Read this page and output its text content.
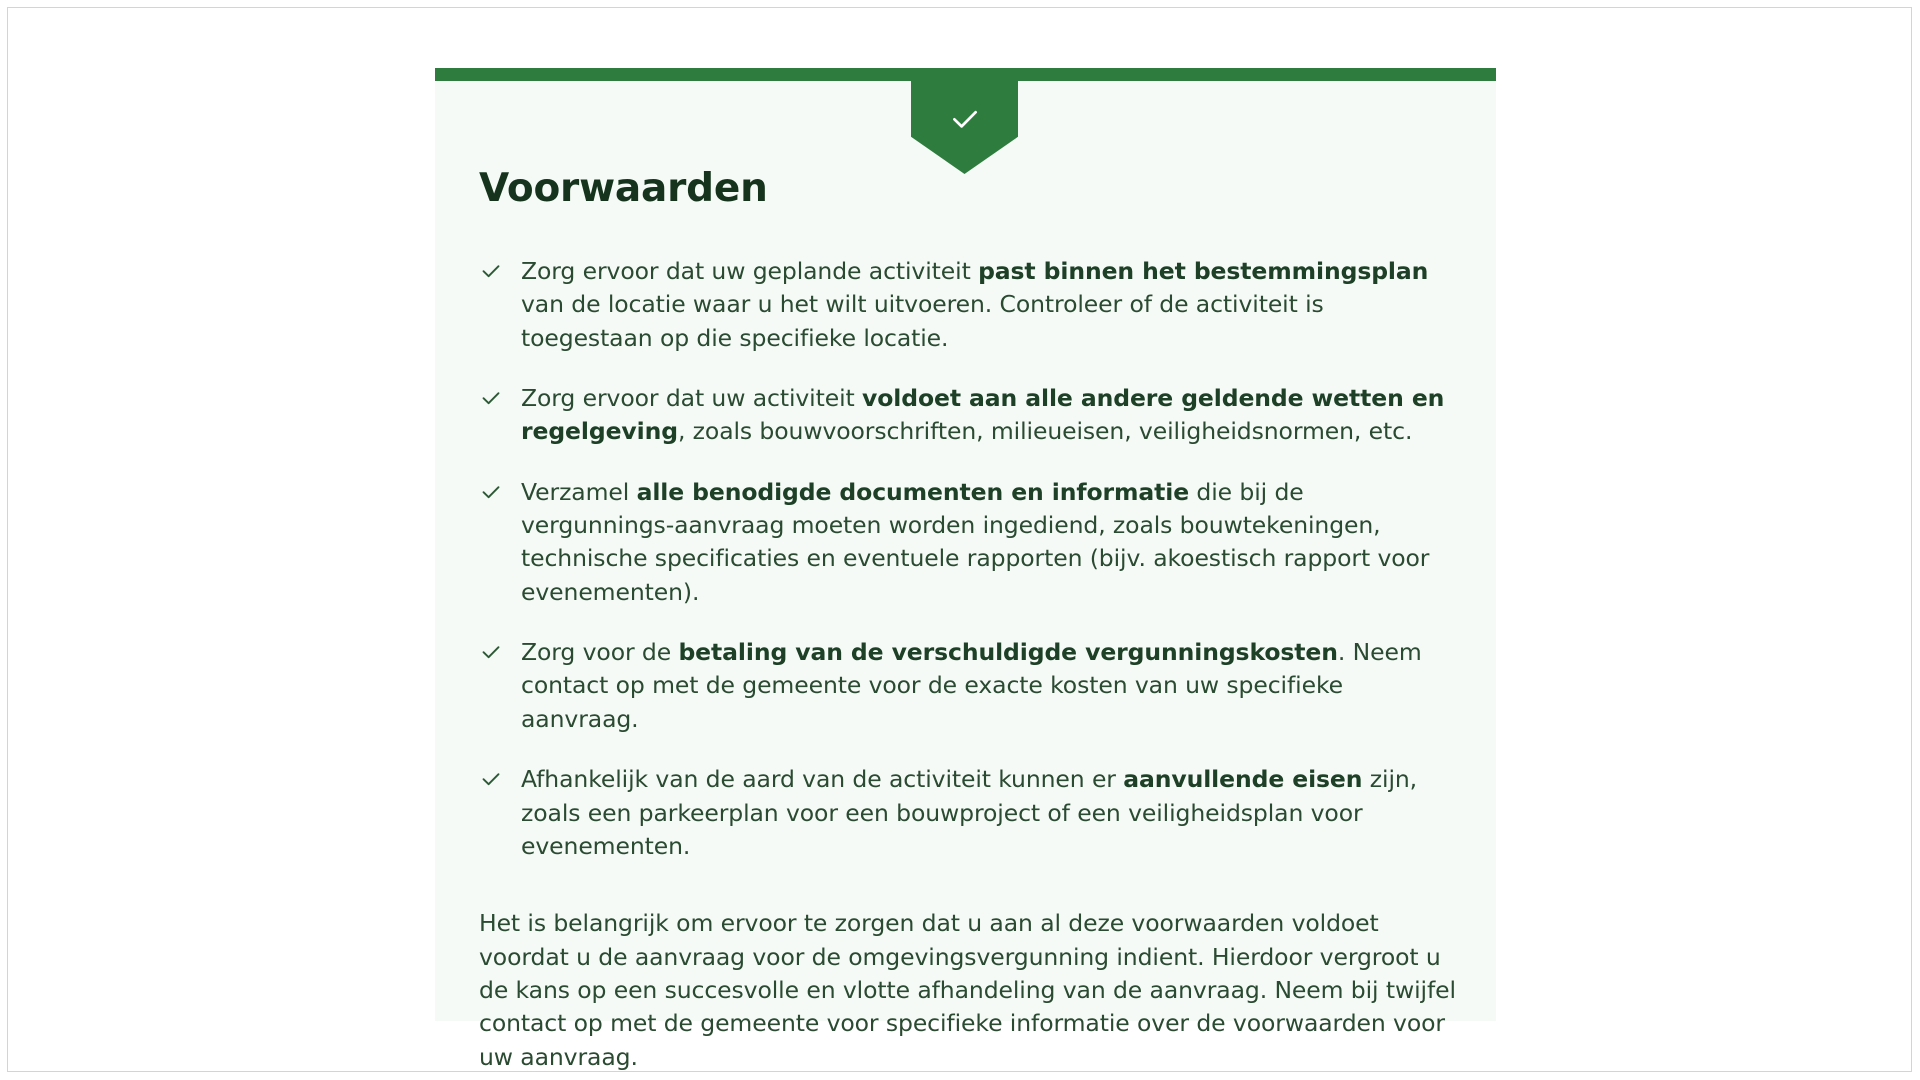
Voorwaarden
Zorg ervoor dat uw geplande activiteit past binnen het bestemmingsplan van de locatie waar u het wilt uitvoeren. Controleer of de activiteit is toegestaan op die specifieke locatie.
Zorg ervoor dat uw activiteit voldoet aan alle andere geldende wetten en regelgeving, zoals bouwvoorschriften, milieueisen, veiligheidsnormen, etc.
Verzamel alle benodigde documenten en informatie die bij de vergunnings-aanvraag moeten worden ingediend, zoals bouwtekeningen, technische specificaties en eventuele rapporten (bijv. akoestisch rapport voor evenementen).
Zorg voor de betaling van de verschuldigde vergunningskosten. Neem contact op met de gemeente voor de exacte kosten van uw specifieke aanvraag.
Afhankelijk van de aard van de activiteit kunnen er aanvullende eisen zijn, zoals een parkeerplan voor een bouwproject of een veiligheidsplan voor evenementen.

Het is belangrijk om ervoor te zorgen dat u aan al deze voorwaarden voldoet voordat u de aanvraag voor de omgevingsvergunning indient. Hierdoor vergroot u de kans op een succesvolle en vlotte afhandeling van de aanvraag. Neem bij twijfel contact op met de gemeente voor specifieke informatie over de voorwaarden voor uw aanvraag.
